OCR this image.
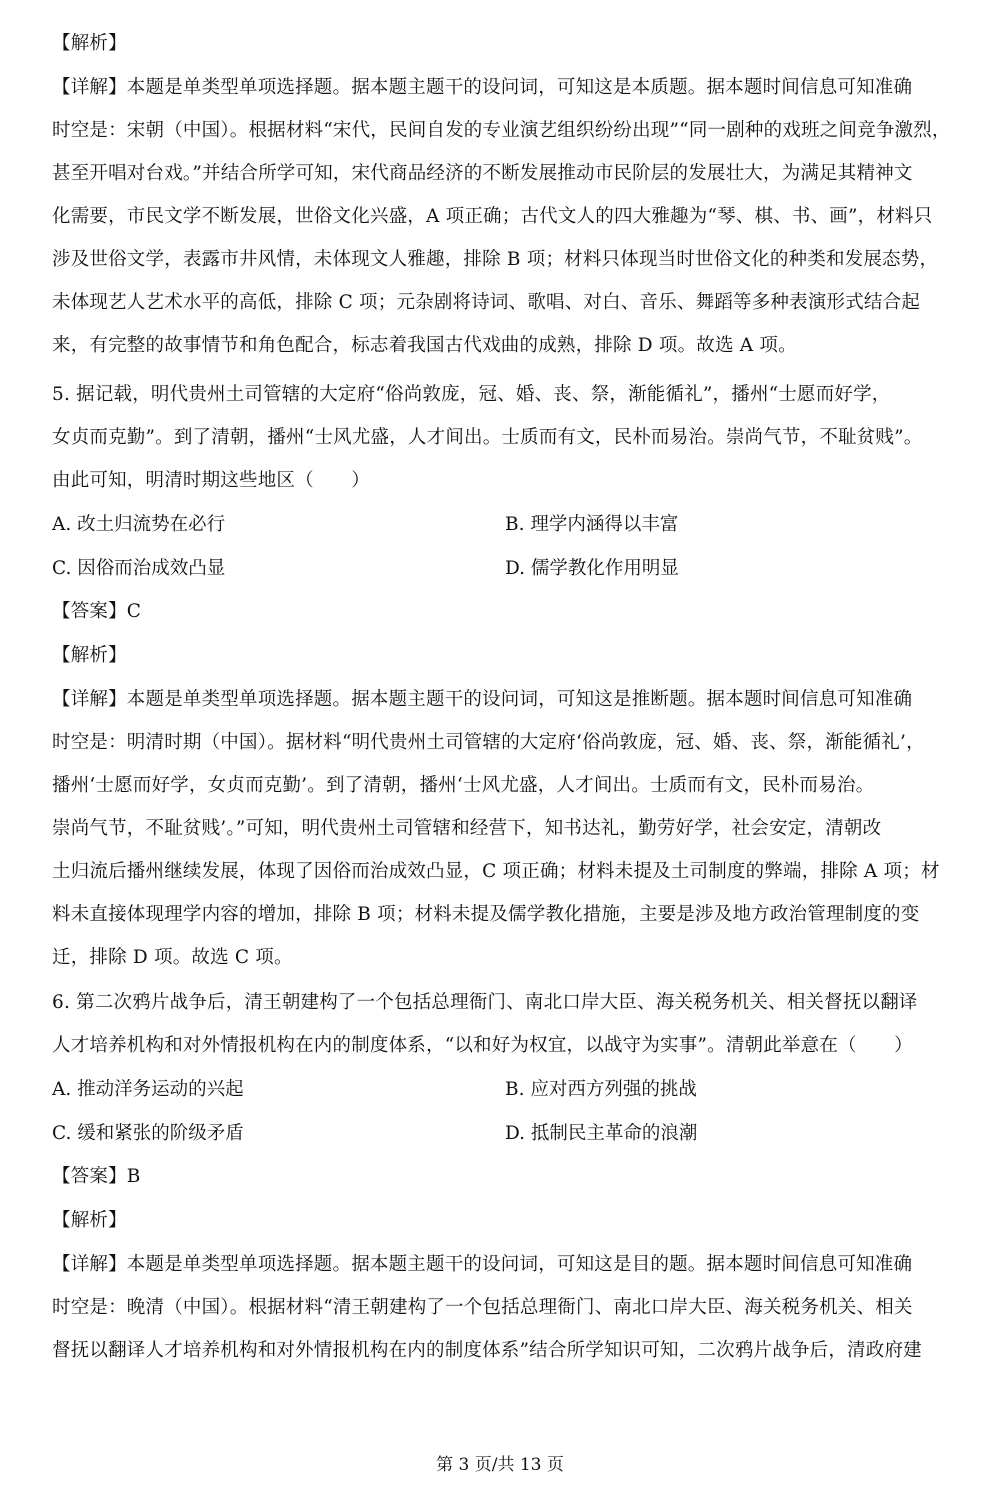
【解析】
【详解】本题是单类型单项选择题。据本题主题干的设问词，可知这是本质题。据本题时间信息可知准确
时空是：宋朝（中国）。根据材料“宋代，民间自发的专业演艺组织纷纷出现”“同一剧种的戏班之间竞争激烈，
甚至开唱对台戏。”并结合所学可知，宋代商品经济的不断发展推动市民阶层的发展壮大，为满足其精神文
化需要，市民文学不断发展，世俗文化兴盛，A 项正确；古代文人的四大雅趣为“琴、棋、书、画”，材料只
涉及世俗文学，表露市井风情，未体现文人雅趣，排除 B 项；材料只体现当时世俗文化的种类和发展态势，
未体现艺人艺术水平的高低，排除 C 项；元杂剧将诗词、歌唱、对白、音乐、舞蹈等多种表演形式结合起
来，有完整的故事情节和角色配合，标志着我国古代戏曲的成熟，排除 D 项。故选 A 项。
5. 据记载，明代贵州土司管辖的大定府“俗尚敦庞，冠、婚、丧、祭，渐能循礼”，播州“士愿而好学，
女贞而克勤”。到了清朝，播州“士风尤盛，人才间出。士质而有文，民朴而易治。崇尚气节，不耻贫贱”。
由此可知，明清时期这些地区（　　）
A. 改土归流势在必行	B. 理学内涵得以丰富
C. 因俗而治成效凸显	D. 儒学教化作用明显
【答案】C
【解析】
【详解】本题是单类型单项选择题。据本题主题干的设问词，可知这是推断题。据本题时间信息可知准确
时空是：明清时期（中国）。据材料“明代贵州土司管辖的大定府‘俗尚敦庞，冠、婚、丧、祭，渐能循礼’，
播州‘士愿而好学，女贞而克勤’。到了清朝，播州‘士风尤盛，人才间出。士质而有文，民朴而易治。
崇尚气节，不耻贫贱’。”可知，明代贵州土司管辖和经营下，知书达礼，勤劳好学，社会安定，清朝改
土归流后播州继续发展，体现了因俗而治成效凸显，C 项正确；材料未提及土司制度的弊端，排除 A 项；材
料未直接体现理学内容的增加，排除 B 项；材料未提及儒学教化措施，主要是涉及地方政治管理制度的变
迁，排除 D 项。故选 C 项。
6. 第二次鸦片战争后，清王朝建构了一个包括总理衙门、南北口岸大臣、海关税务机关、相关督抚以翻译
人才培养机构和对外情报机构在内的制度体系，“以和好为权宜，以战守为实事”。清朝此举意在（　　）
A. 推动洋务运动的兴起	B. 应对西方列强的挑战
C. 缓和紧张的阶级矛盾	D. 抵制民主革命的浪潮
【答案】B
【解析】
【详解】本题是单类型单项选择题。据本题主题干的设问词，可知这是目的题。据本题时间信息可知准确
时空是：晚清（中国）。根据材料“清王朝建构了一个包括总理衙门、南北口岸大臣、海关税务机关、相关
督抚以翻译人才培养机构和对外情报机构在内的制度体系”结合所学知识可知，二次鸦片战争后，清政府建
第 3 页/共 13 页
